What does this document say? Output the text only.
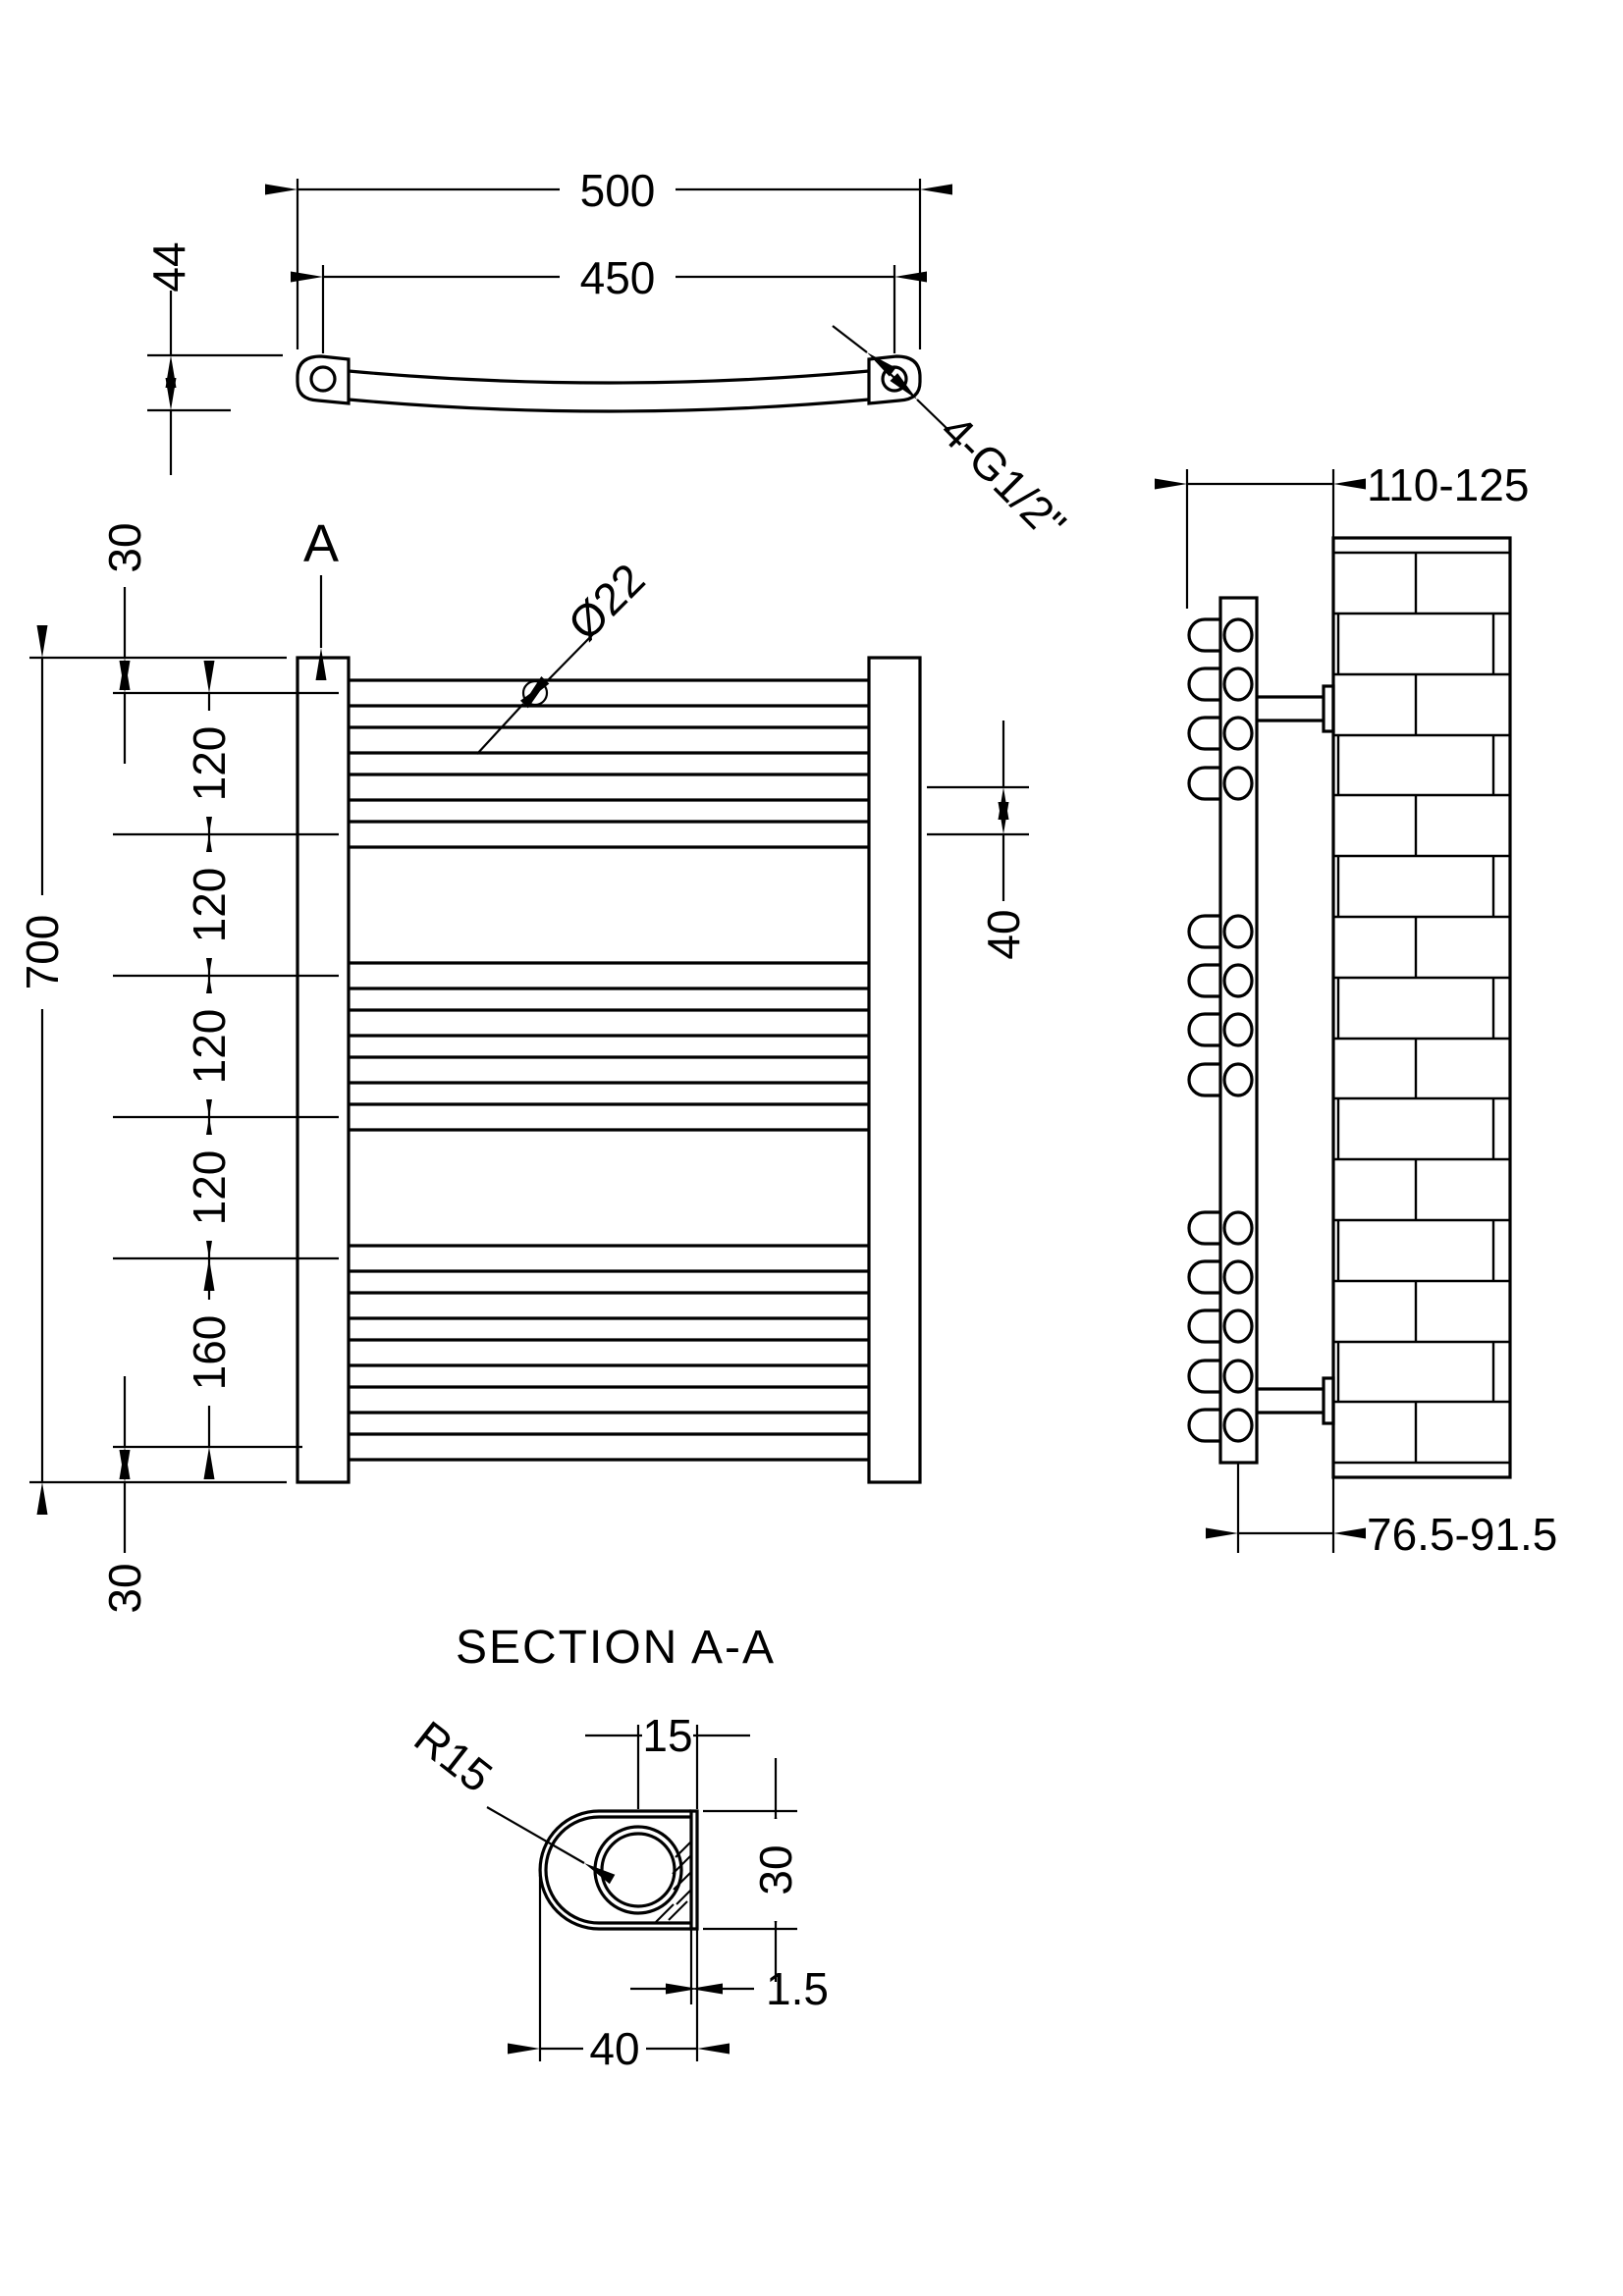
500
450
44
4-G1/2"
A
Ø22
700
30
120
120
120
120
160
30
40
110-125
76.5-91.5
SECTION A-A
R15	15
30
1.5
40
